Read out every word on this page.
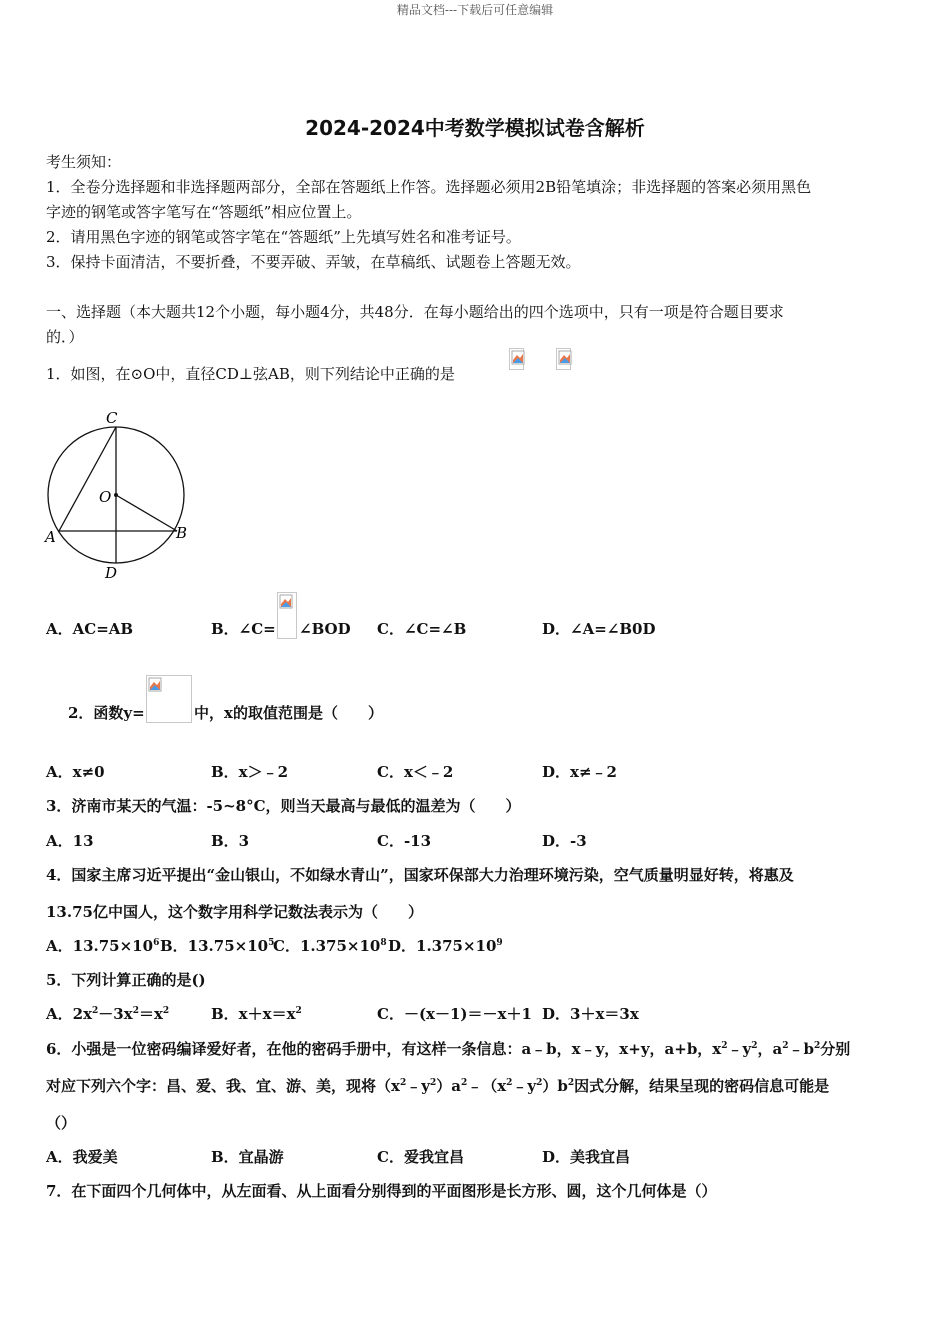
精品文档---下载后可任意编辑
2024-2024中考数学模拟试卷含解析
考生须知：
1．全卷分选择题和非选择题两部分，全部在答题纸上作答。选择题必须用2B铅笔填涂；非选择题的答案必须用黑色
字迹的钢笔或答字笔写在“答题纸”相应位置上。
2．请用黑色字迹的钢笔或答字笔在“答题纸”上先填写姓名和准考证号。
3．保持卡面清洁，不要折叠，不要弄破、弄皱，在草稿纸、试题卷上答题无效。
一、选择题（本大题共12个小题，每小题4分，共48分．在每小题给出的四个选项中，只有一项是符合题目要求
的．）
1．如图，在⊙O中，直径CD⊥弦AB，则下列结论中正确的是
C
O
A	B
D
A．AC=AB	B．∠C= ∠BOD C．∠C=∠B	D．∠A=∠B0D
2．函数y=	中，x的取值范围是（　　）
A．x≠0	B．x＞﹣2	C．x＜﹣2	D．x≠﹣2
3．济南市某天的气温：-5~8°C，则当天最高与最低的温差为（　　）
A．13	B．3	C．-13	D．-3
4．国家主席习近平提出“金山银山，不如绿水青山”，国家环保部大力治理环境污染，空气质量明显好转，将惠及
13.75亿中国人，这个数字用科学记数法表示为（　　）
A．$13.75\times 10^6$ B．$13.75\times 10^5$
C．$1.375\times 10^8$ D．$1.375\times 10^9$
5．下列计算正确的是()
A．$2x^2-3x^2=x^2$	B．$x+x=x^2$	C．－(x－1)＝－x＋1 D．3＋x＝3x
6．小强是一位密码编译爱好者，在他的密码手册中，有这样一条信息：a﹣b，x﹣y，x+y，a+b，$x^2﹣y^2$，$a^2﹣b^2$分别
对应下列六个字：昌、爱、我、宜、游、美，现将$(x^2﹣y^2)a^2﹣(x^2﹣y^2)b^2$因式分解，结果呈现的密码信息可能是
（）
A．我爱美	B．宜晶游	C．爱我宜昌	D．美我宜昌
7．在下面四个几何体中，从左面看、从上面看分别得到的平面图形是长方形、圆，这个几何体是（）
